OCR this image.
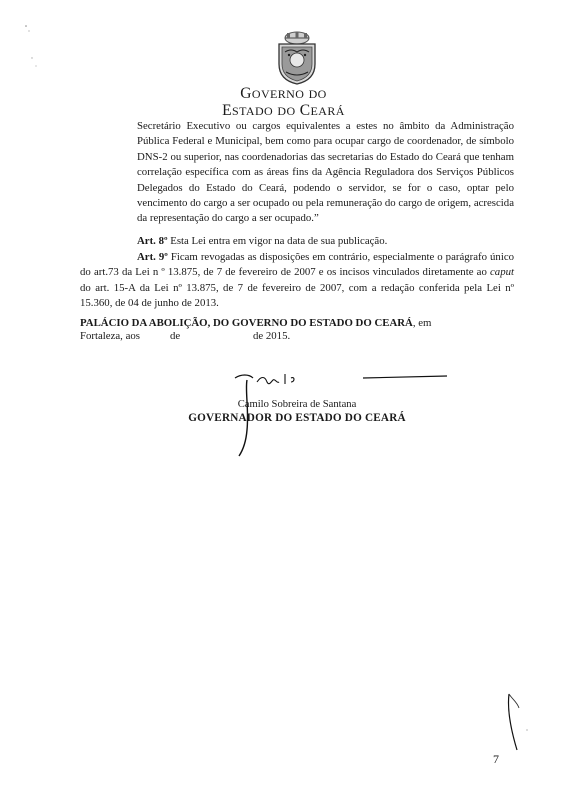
GOVERNO DO
ESTADO DO CEARÁ
Secretário Executivo ou cargos equivalentes a estes no âmbito da Administração Pública Federal e Municipal, bem como para ocupar cargo de coordenador, de símbolo DNS-2 ou superior, nas coordenadorias das secretarias do Estado do Ceará que tenham correlação específica com as áreas fins da Agência Reguladora dos Serviços Públicos Delegados do Estado do Ceará, podendo o servidor, se for o caso, optar pelo vencimento do cargo a ser ocupado ou pela remuneração do cargo de origem, acrescida da representação do cargo a ser ocupado.”
Art. 8º Esta Lei entra em vigor na data de sua publicação.
Art. 9º Ficam revogadas as disposições em contrário, especialmente o parágrafo único do art.73 da Lei n º 13.875, de 7 de fevereiro de 2007 e os incisos vinculados diretamente ao caput do art. 15-A da Lei nº 13.875, de 7 de fevereiro de 2007, com a redação conferida pela Lei nº 15.360, de 04 de junho de 2013.
PALÁCIO DA ABOLIÇÃO, DO GOVERNO DO ESTADO DO CEARÁ, em
Fortaleza, aos	de	de 2015.
Camilo Sobreira de Santana
GOVERNADOR DO ESTADO DO CEARÁ
7
